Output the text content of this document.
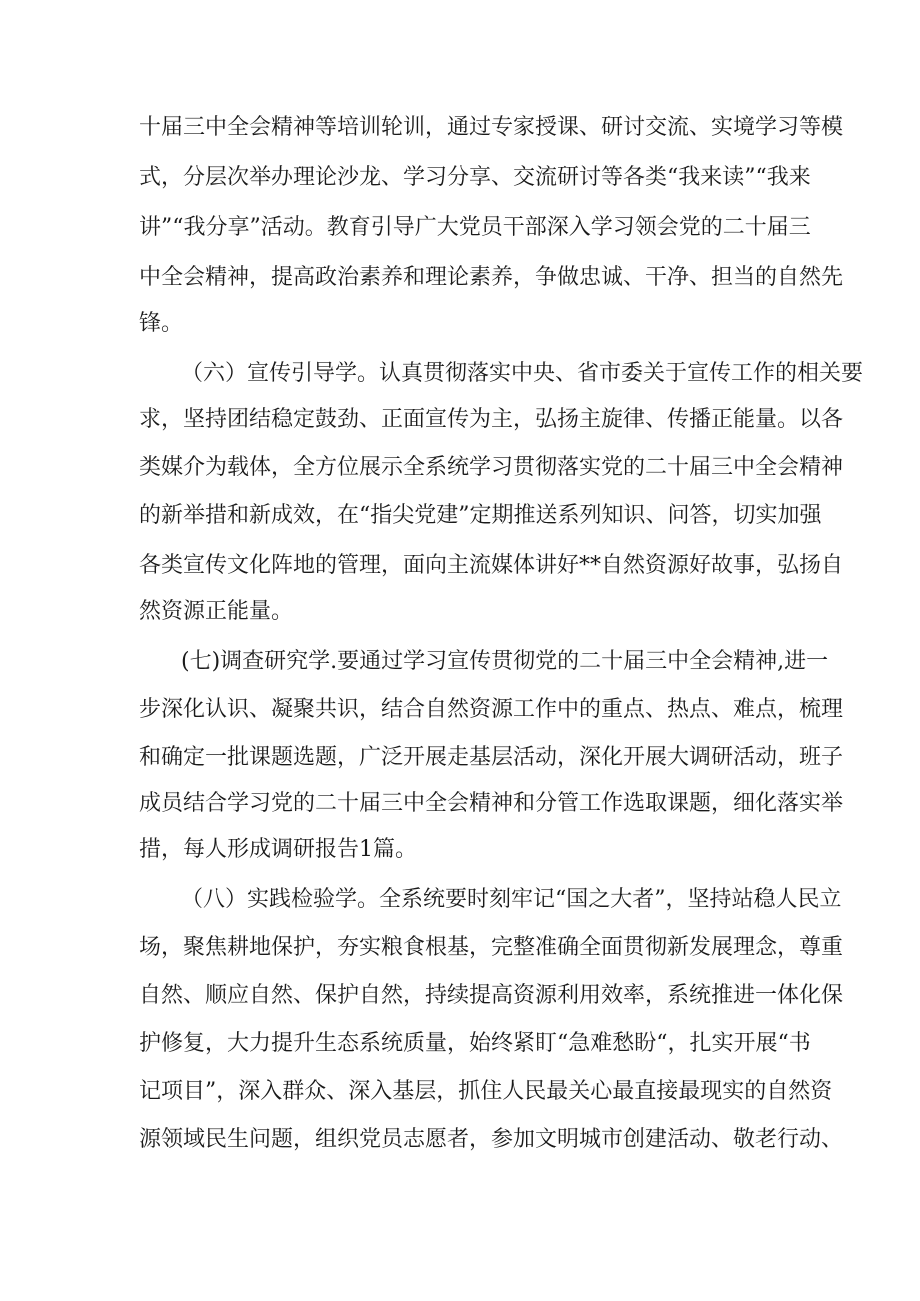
十届三中全会精神等培训轮训，通过专家授课、研讨交流、实境学习等模
式，分层次举办理论沙龙、学习分享、交流研讨等各类“我来读”“我来
讲”“我分享”活动。教育引导广大党员干部深入学习领会党的二十届三
中全会精神，提高政治素养和理论素养，争做忠诚、干净、担当的自然先
锋。
（六）宣传引导学。认真贯彻落实中央、省市委关于宣传工作的相关要
求，坚持团结稳定鼓劲、正面宣传为主，弘扬主旋律、传播正能量。以各
类媒介为载体，全方位展示全系统学习贯彻落实党的二十届三中全会精神
的新举措和新成效，在“指尖党建”定期推送系列知识、问答，切实加强
各类宣传文化阵地的管理，面向主流媒体讲好**自然资源好故事，弘扬自
然资源正能量。
(七)调查研究学.要通过学习宣传贯彻党的二十届三中全会精神,进一
步深化认识、凝聚共识，结合自然资源工作中的重点、热点、难点，梳理
和确定一批课题选题，广泛开展走基层活动，深化开展大调研活动，班子
成员结合学习党的二十届三中全会精神和分管工作选取课题，细化落实举
措，每人形成调研报告1篇。
（八）实践检验学。全系统要时刻牢记“国之大者”，坚持站稳人民立
场，聚焦耕地保护，夯实粮食根基，完整准确全面贯彻新发展理念，尊重
自然、顺应自然、保护自然，持续提高资源利用效率，系统推进一体化保
护修复，大力提升生态系统质量，始终紧盯“急难愁盼“，扎实开展“书
记项目”，深入群众、深入基层，抓住人民最关心最直接最现实的自然资
源领域民生问题，组织党员志愿者，参加文明城市创建活动、敬老行动、
